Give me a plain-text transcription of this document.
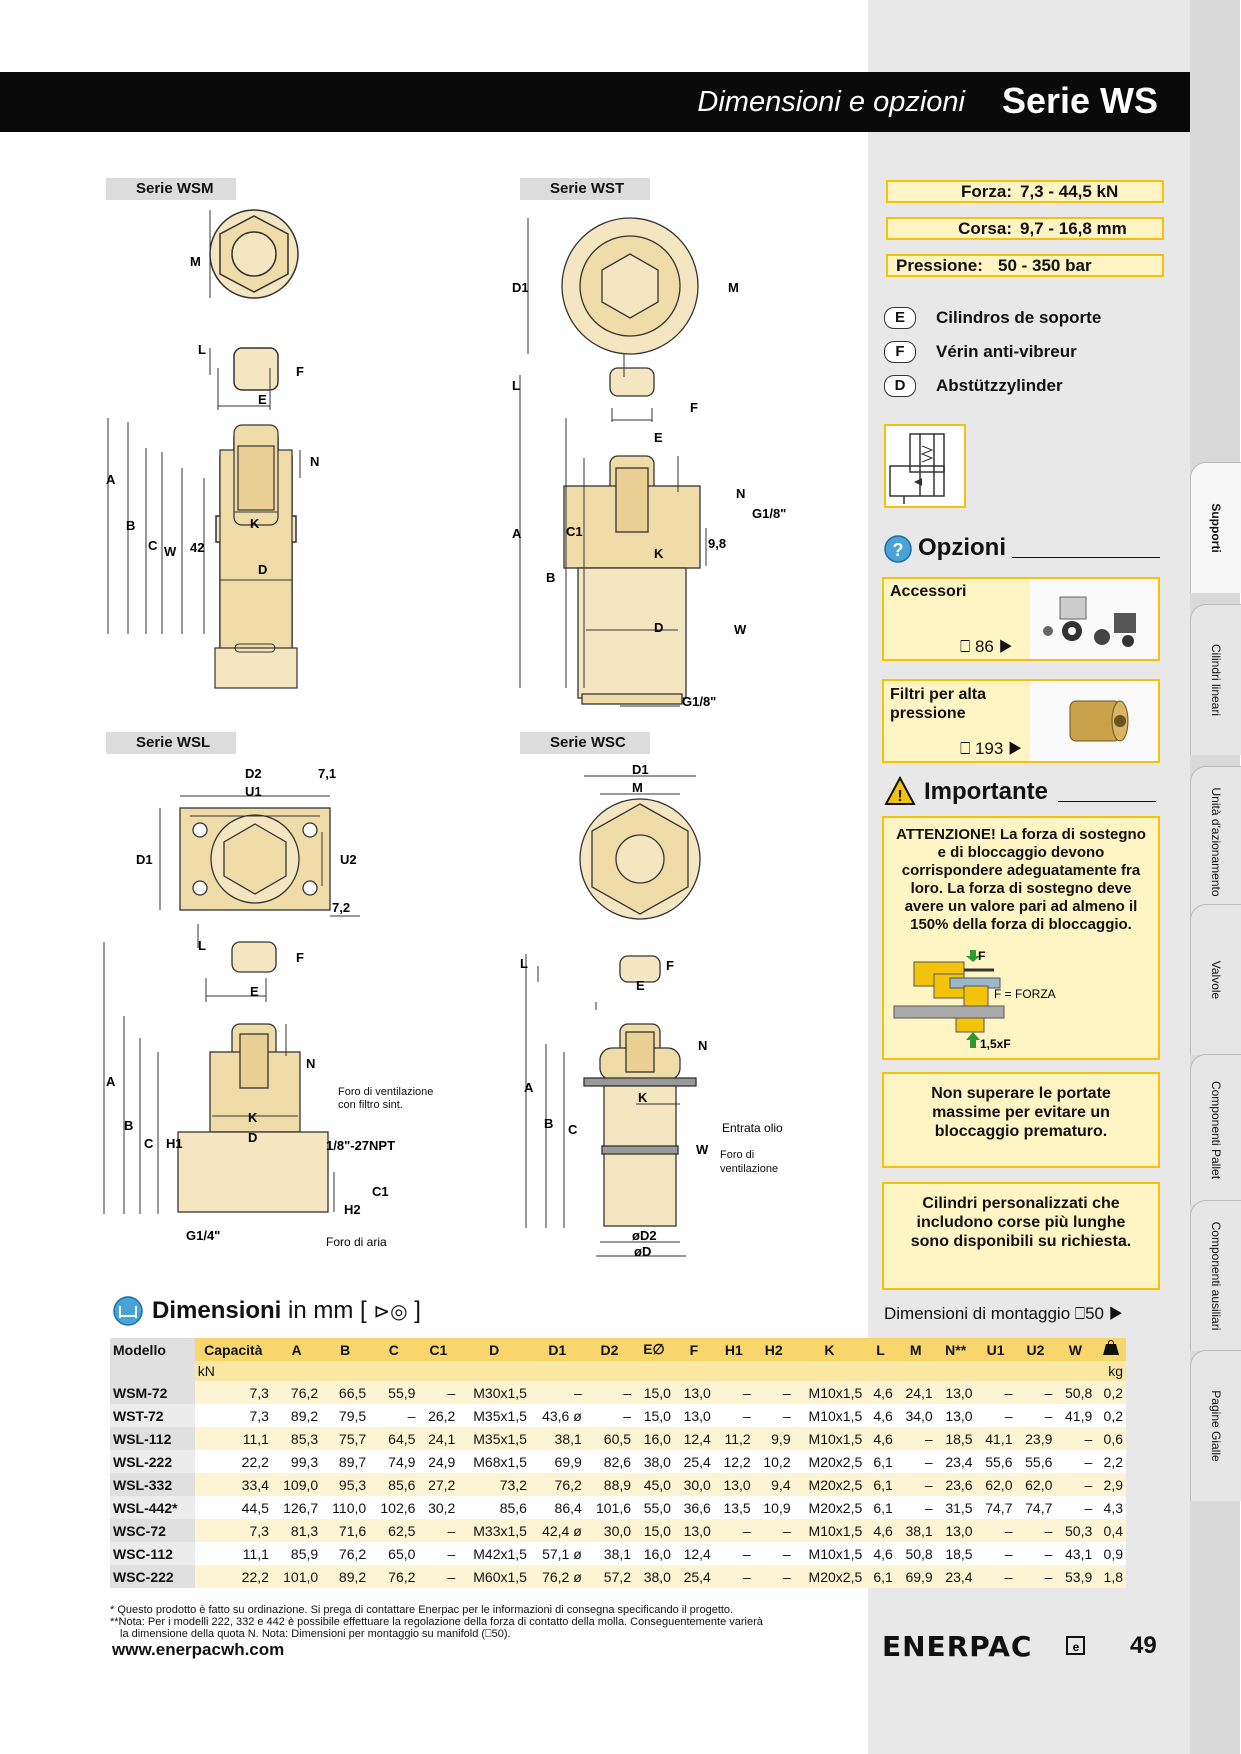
Supporti
Cilindri lineari
Unità d'azionamento
Valvole
Componenti Pallet
Componenti ausiliari
Pagine Gialle
Dimensioni e opzioni Serie WS
Serie WSM	Serie WST
Serie WSL	Serie WSC
M
L
F
E
N
A
B	K
C W 42
D
D1	M
L
F
E
N
G1/8"
A	C1
9,8
K
B
D	W
G1/8"
D2	7,1
U1
D1	U2
7,2
L
F
E
N
A
K
B
C H1	D
1/8"-27NPT
C1
H2
G1/4"
Foro di ventilazione con filtro sint.
Foro di aria
D1
M
L	F
E
N
A
K
B C
W
øD2
øD
Entrata olio
Foro di ventilazione
Forza: 7,3 - 44,5 kN
Corsa: 9,7 - 16,8 mm
Pressione: 50 - 350 bar
E	Cilindros de soporte
F	Vérin anti-vibreur
D	Abstützzylinder
? Opzioni
Accessori
⎕ 86 ▶
Filtri per alta pressione
⎕ 193 ▶
! Importante
ATTENZIONE! La forza di sostegno e di bloccaggio devono corrispondere adeguatamente fra loro. La forza di sostegno deve avere un valore pari ad almeno il 150% della forza di bloccaggio.
F
F = FORZA
1,5xF
Non superare le portate massime per evitare un bloccaggio prematuro.
Cilindri personalizzati che includono corse più lunghe sono disponibili su richiesta.
Dimensioni in mm [ ⊳◎ ]	Dimensioni di montaggio ⎕50 ▶
Modello	Capacità	A	B	C	C1	D	D1	D2	E∅	F	H1	H2	K	L	M	N**	U1	U2	W	
	kN																			kg
WSM-72	7,3	76,2	66,5	55,9	–	M30x1,5	–	–	15,0	13,0	–	–	M10x1,5	4,6	24,1	13,0	–	–	50,8	0,2
WST-72	7,3	89,2	79,5	–	26,2	M35x1,5	43,6 ø	–	15,0	13,0	–	–	M10x1,5	4,6	34,0	13,0	–	–	41,9	0,2
WSL-112	11,1	85,3	75,7	64,5	24,1	M35x1,5	38,1	60,5	16,0	12,4	11,2	9,9	M10x1,5	4,6	–	18,5	41,1	23,9	–	0,6
WSL-222	22,2	99,3	89,7	74,9	24,9	M68x1,5	69,9	82,6	38,0	25,4	12,2	10,2	M20x2,5	6,1	–	23,4	55,6	55,6	–	2,2
WSL-332	33,4	109,0	95,3	85,6	27,2	73,2	76,2	88,9	45,0	30,0	13,0	9,4	M20x2,5	6,1	–	23,6	62,0	62,0	–	2,9
WSL-442*	44,5	126,7	110,0	102,6	30,2	85,6	86,4	101,6	55,0	36,6	13,5	10,9	M20x2,5	6,1	–	31,5	74,7	74,7	–	4,3
WSC-72	7,3	81,3	71,6	62,5	–	M33x1,5	42,4 ø	30,0	15,0	13,0	–	–	M10x1,5	4,6	38,1	13,0	–	–	50,3	0,4
WSC-112	11,1	85,9	76,2	65,0	–	M42x1,5	57,1 ø	38,1	16,0	12,4	–	–	M10x1,5	4,6	50,8	18,5	–	–	43,1	0,9
WSC-222	22,2	101,0	89,2	76,2	–	M60x1,5	76,2 ø	57,2	38,0	25,4	–	–	M20x2,5	6,1	69,9	23,4	–	–	53,9	1,8
* Questo prodotto è fatto su ordinazione. Si prega di contattare Enerpac per le informazioni di consegna specificando il progetto.
**Nota: Per i modelli 222, 332 e 442 è possibile effettuare la regolazione della forza di contatto della molla. Conseguentemente varierà
la dimensione della quota N. Nota: Dimensioni per montaggio su manifold (⎕50).
www.enerpacwh.com	ENERPAC	e 49
